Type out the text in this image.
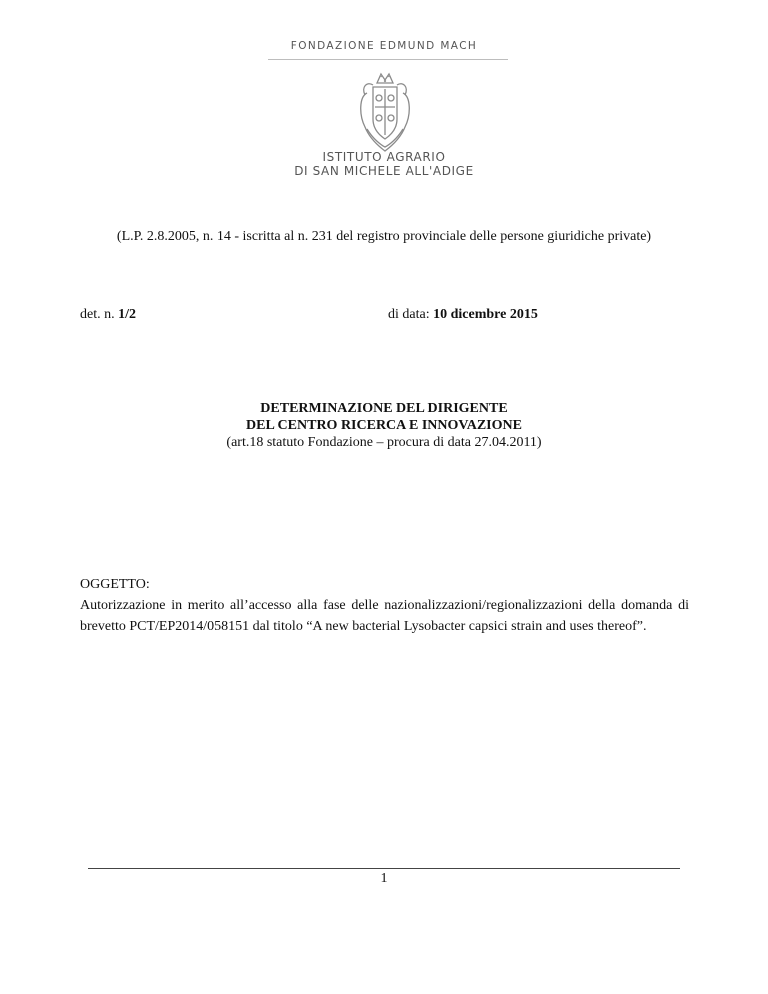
FONDAZIONE EDMUND MACH
ISTITUTO AGRARIO
DI SAN MICHELE ALL'ADIGE
(L.P. 2.8.2005, n. 14 - iscritta al n. 231 del registro provinciale delle persone giuridiche private)
det. n. 1/2	di data: 10 dicembre 2015
DETERMINAZIONE DEL DIRIGENTE
DEL CENTRO RICERCA E INNOVAZIONE
(art.18 statuto Fondazione – procura di data 27.04.2011)
OGGETTO:
Autorizzazione in merito all’accesso alla fase delle nazionalizzazioni/regionalizzazioni della domanda di brevetto PCT/EP2014/058151 dal titolo “A new bacterial Lysobacter capsici strain and uses thereof”.
1
